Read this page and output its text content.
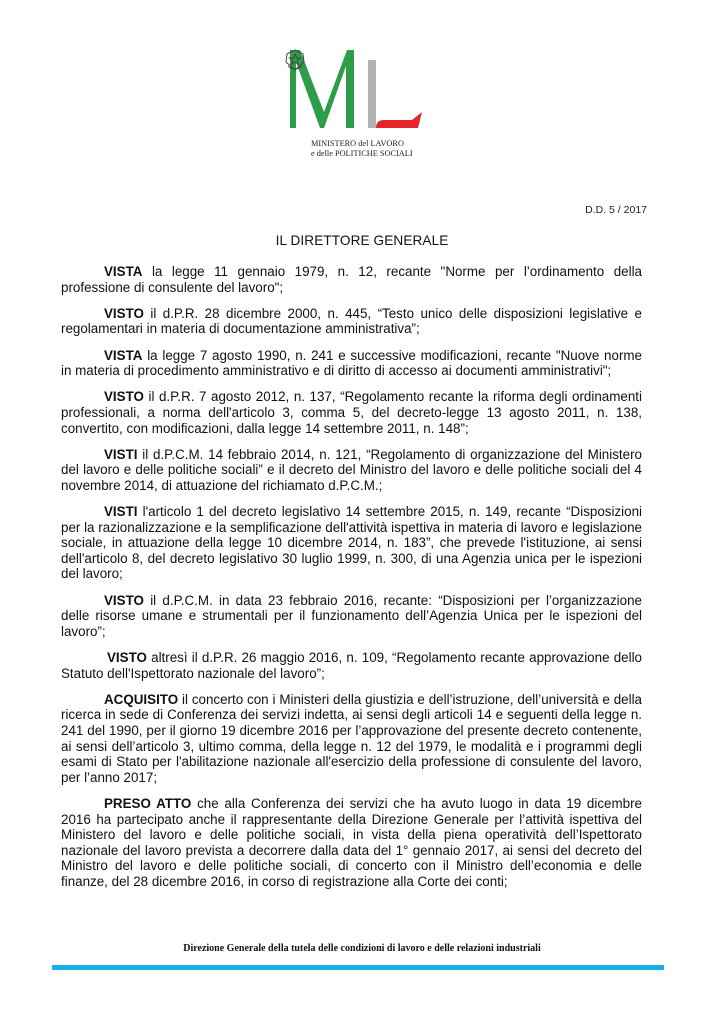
MINISTERO del LAVORO
e delle POLITICHE SOCIALI
D.D. 5 / 2017
IL DIRETTORE GENERALE

VISTA la legge 11 gennaio 1979, n. 12, recante "Norme per l’ordinamento della professione di consulente del lavoro";

VISTO il d.P.R. 28 dicembre 2000, n. 445, “Testo unico delle disposizioni legislative e regolamentari in materia di documentazione amministrativa”;

VISTA la legge 7 agosto 1990, n. 241 e successive modificazioni, recante "Nuove norme in materia di procedimento amministrativo e di diritto di accesso ai documenti amministrativi";

VISTO il d.P.R. 7 agosto 2012, n. 137, “Regolamento recante la riforma degli ordinamenti professionali, a norma dell'articolo 3, comma 5, del decreto-legge 13 agosto 2011, n. 138, convertito, con modificazioni, dalla legge 14 settembre 2011, n. 148”;

VISTI il d.P.C.M. 14 febbraio 2014, n. 121, “Regolamento di organizzazione del Ministero del lavoro e delle politiche sociali” e il decreto del Ministro del lavoro e delle politiche sociali del 4 novembre 2014, di attuazione del richiamato d.P.C.M.;

VISTI l'articolo 1 del decreto legislativo 14 settembre 2015, n. 149, recante “Disposizioni per la razionalizzazione e la semplificazione dell'attività ispettiva in materia di lavoro e legislazione sociale, in attuazione della legge 10 dicembre 2014, n. 183”, che prevede l'istituzione, ai sensi dell'articolo 8, del decreto legislativo 30 luglio 1999, n. 300, di una Agenzia unica per le ispezioni del lavoro;

VISTO il d.P.C.M. in data 23 febbraio 2016, recante: “Disposizioni per l’organizzazione delle risorse umane e strumentali per il funzionamento dell’Agenzia Unica per le ispezioni del lavoro”;

VISTO altresì il d.P.R. 26 maggio 2016, n. 109, “Regolamento recante approvazione dello Statuto dell'Ispettorato nazionale del lavoro”;

ACQUISITO il concerto con i Ministeri della giustizia e dell’istruzione, dell’università e della ricerca in sede di Conferenza dei servizi indetta, ai sensi degli articoli 14 e seguenti della legge n. 241 del 1990, per il giorno 19 dicembre 2016 per l’approvazione del presente decreto contenente, ai sensi dell’articolo 3, ultimo comma, della legge n. 12 del 1979, le modalità e i programmi degli esami di Stato per l'abilitazione nazionale all'esercizio della professione di consulente del lavoro, per l’anno 2017;

PRESO ATTO che alla Conferenza dei servizi che ha avuto luogo in data 19 dicembre 2016 ha partecipato anche il rappresentante della Direzione Generale per l’attività ispettiva del Ministero del lavoro e delle politiche sociali, in vista della piena operatività dell’Ispettorato nazionale del lavoro prevista a decorrere dalla data del 1° gennaio 2017, ai sensi del decreto del Ministro del lavoro e delle politiche sociali, di concerto con il Ministro dell’economia e delle finanze, del 28 dicembre 2016, in corso di registrazione alla Corte dei conti;

Direzione Generale della tutela delle condizioni di lavoro e delle relazioni industriali
